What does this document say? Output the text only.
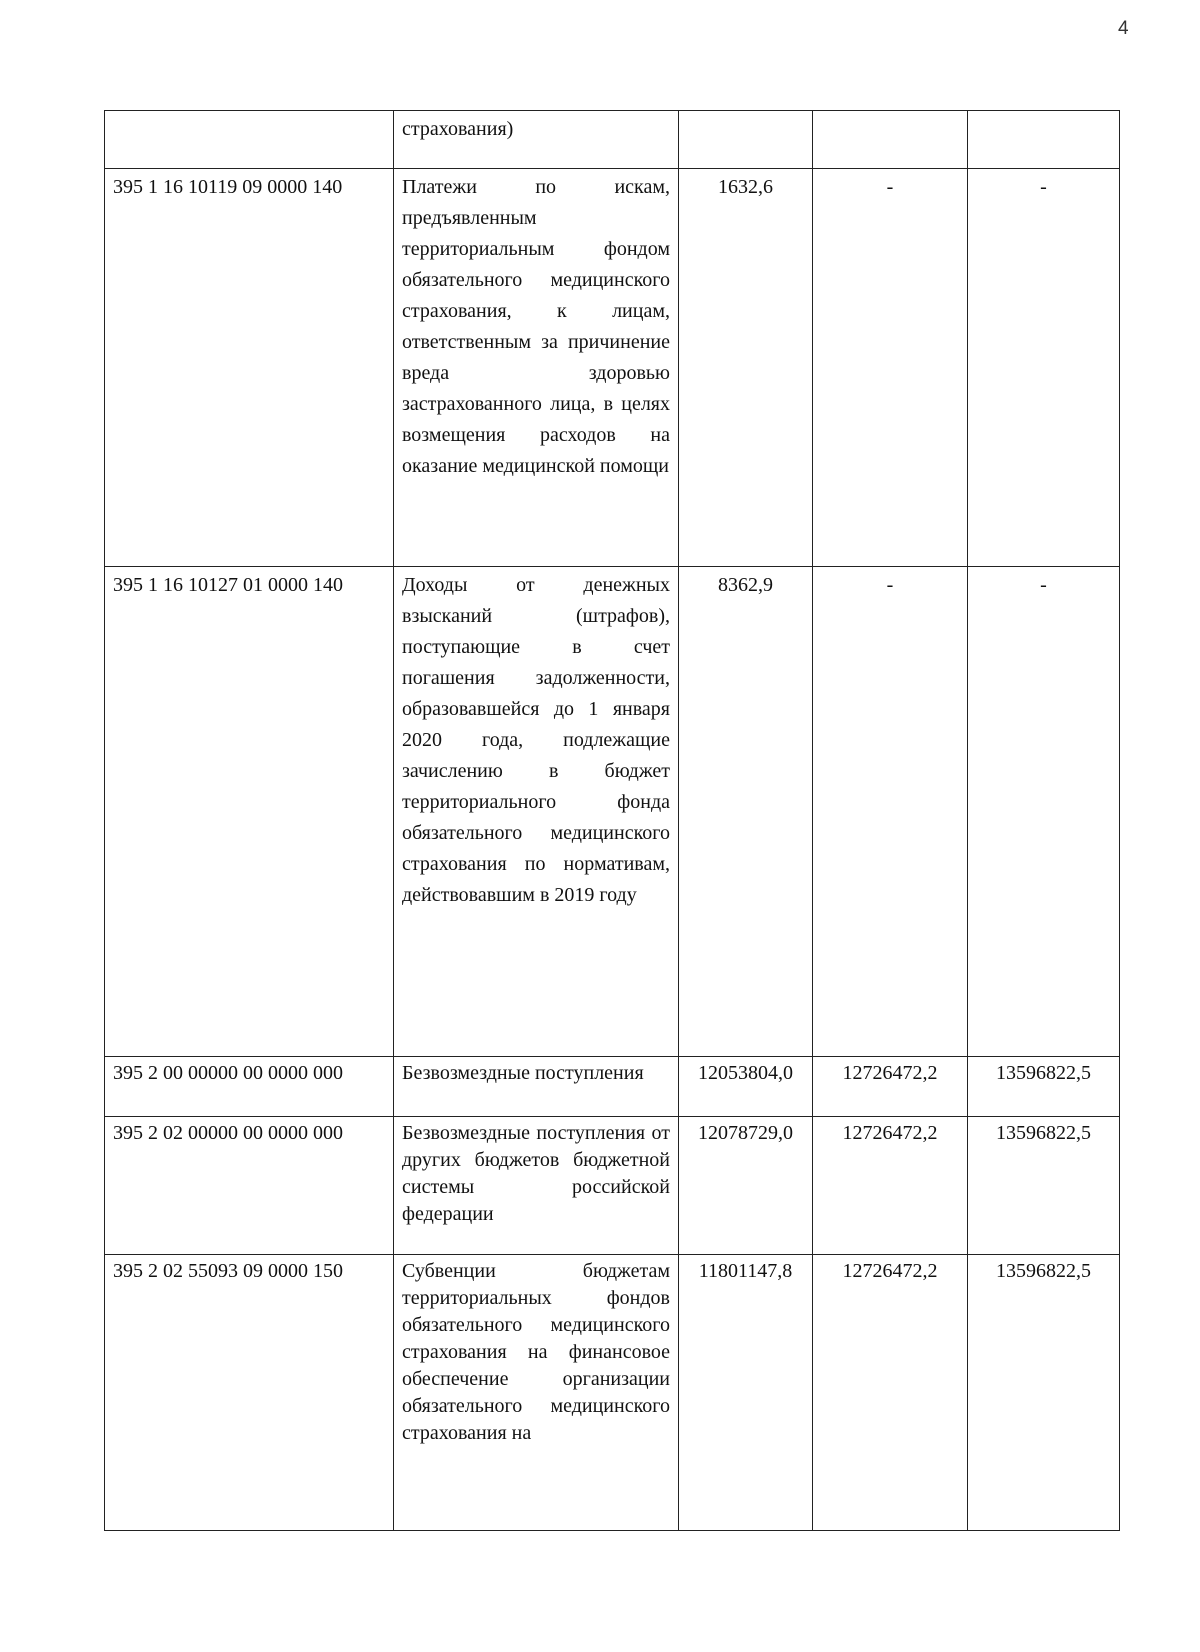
4
	страхования)	

395 1 16 10119 09 0000 140	Платежи по искам, предъявленным территориальным фондом обязательного медицинского страхования, к лицам, ответственным за причинение вреда здоровью застрахованного лица, в целях возмещения расходов на оказание медицинской помощи	1632,6	-	-
395 1 16 10127 01 0000 140	Доходы от денежных взысканий (штрафов), поступающие в счет погашения задолженности, образовавшейся до 1 января 2020 года, подлежащие зачислению в бюджет территориального фонда обязательного медицинского страхования по нормативам, действовавшим в 2019 году	8362,9	-	-
395 2 00 00000 00 0000 000	Безвозмездные поступления	12053804,0	12726472,2	13596822,5
395 2 02 00000 00 0000 000	Безвозмездные поступления от других бюджетов бюджетной системы российской федерации	12078729,0	12726472,2	13596822,5
395 2 02 55093 09 0000 150	Субвенции бюджетам территориальных фондов обязательного медицинского страхования на финансовое обеспечение организации обязательного медицинского страхования на	11801147,8	12726472,2	13596822,5
